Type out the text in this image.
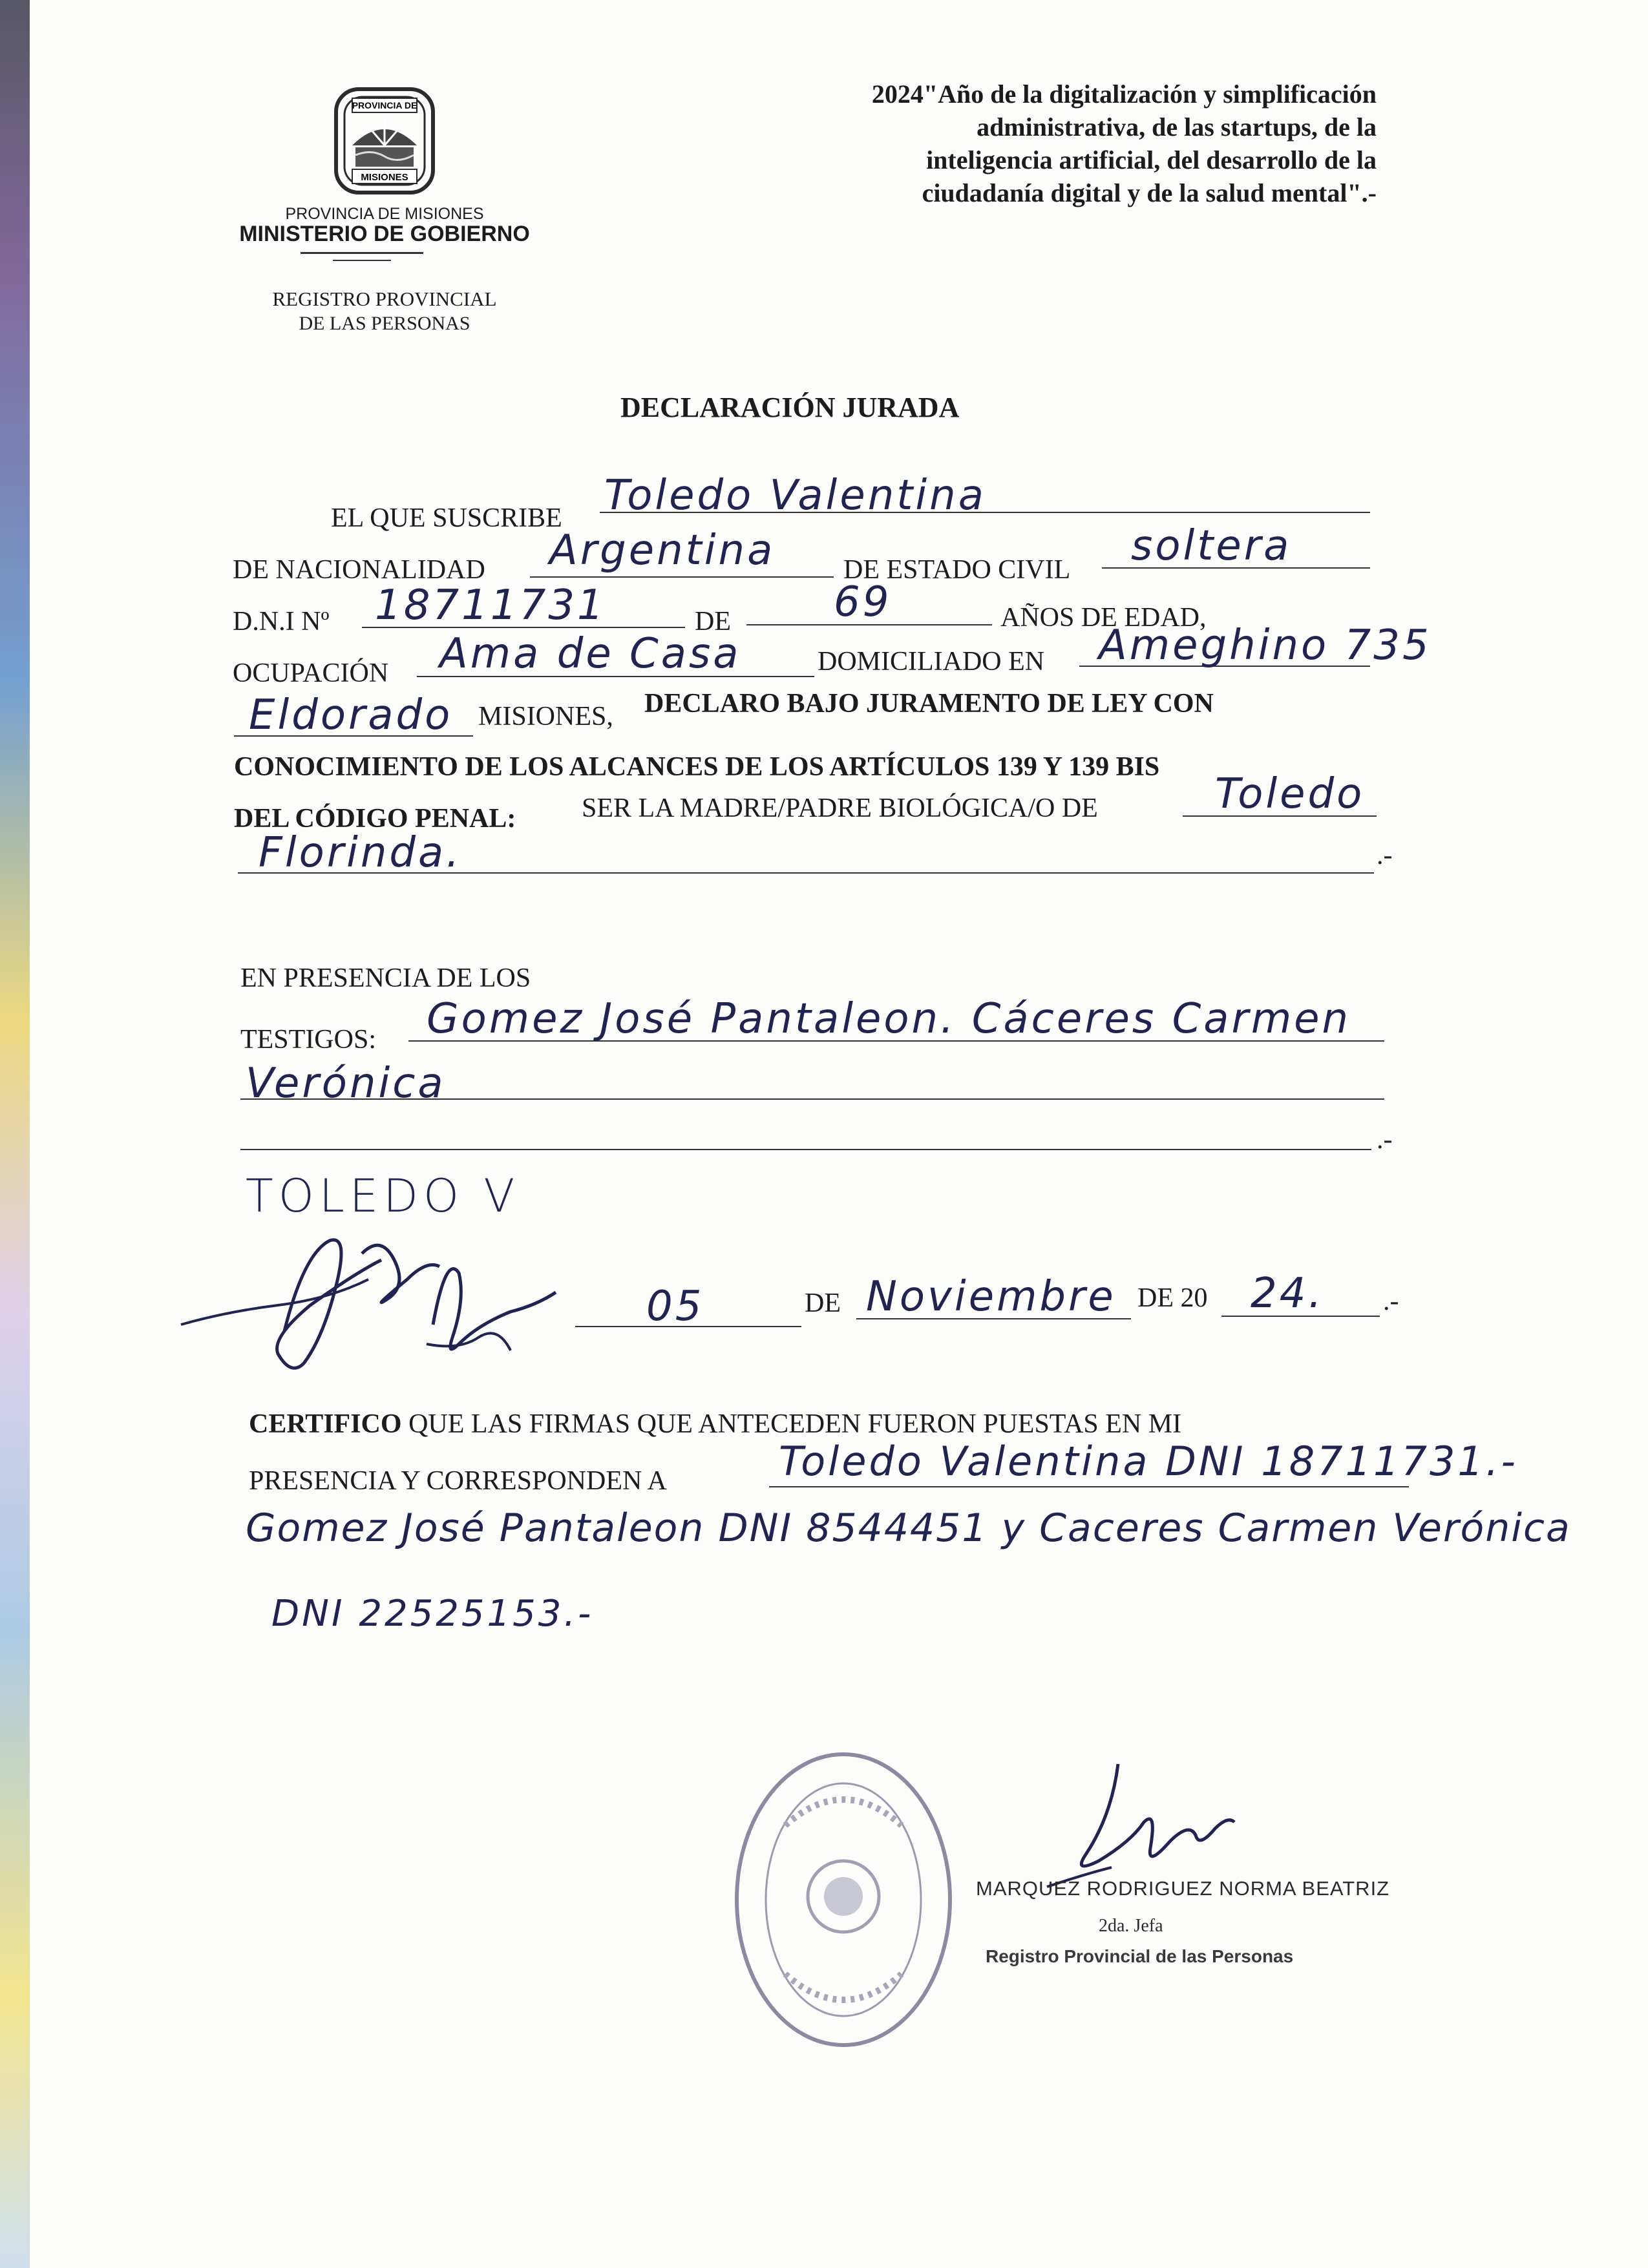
PROVINCIA DE
MISIONES
PROVINCIA DE MISIONES
MINISTERIO DE GOBIERNO
REGISTRO PROVINCIAL
DE LAS PERSONAS
2024"Año de la digitalización y simplificación
administrativa, de las startups, de la
inteligencia artificial, del desarrollo de la
ciudadanía digital y de la salud mental".-
DECLARACIÓN JURADA
EL QUE SUSCRIBE Toledo Valentina
DE NACIONALIDAD Argentina	DE ESTADO CIVIL soltera
D.N.I Nº 18711731	DE 69	AÑOS DE EDAD,
OCUPACIÓN Ama de Casa	DOMICILIADO EN Ameghino 735
Eldorado MISIONES, DECLARO BAJO JURAMENTO DE LEY CON
CONOCIMIENTO DE LOS ALCANCES DE LOS ARTÍCULOS 139 Y 139 BIS
DEL CÓDIGO PENAL: SER LA MADRE/PADRE BIOLÓGICA/O DE	Toledo
Florinda.	.-
EN PRESENCIA DE LOS
TESTIGOS: Gomez José Pantaleon. Cáceres Carmen
Verónica
.-
TOLEDO V
05	DE Noviembre DE 20 24. .-
CERTIFICO QUE LAS FIRMAS QUE ANTECEDEN FUERON PUESTAS EN MI
PRESENCIA Y CORRESPONDEN A	Toledo Valentina DNI 18711731.-
Gomez José Pantaleon DNI 8544451 y Caceres Carmen Verónica
DNI 22525153.-
MARQUEZ RODRIGUEZ NORMA BEATRIZ
2da. Jefa
Registro Provincial de las Personas
